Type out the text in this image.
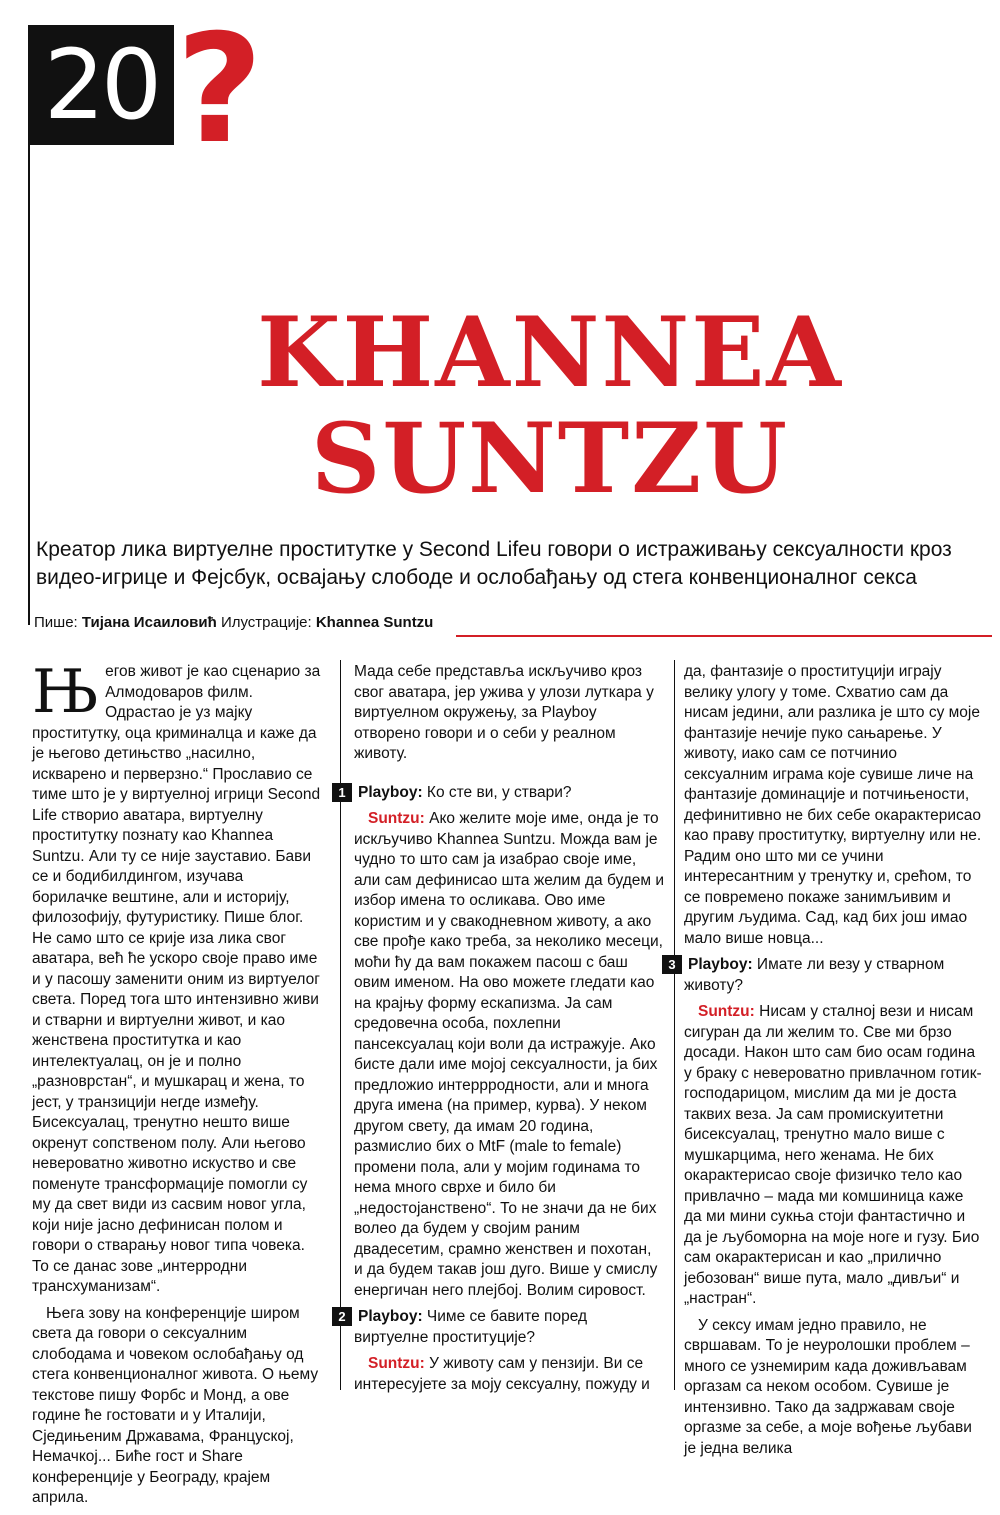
20 ?
KHANNEA
SUNTZU
Креатор лика виртуелне проститутке у Second Lifeu говори о истраживању сексуалности кроз видео-игрице и Фејсбук, освајању слободе и ослобађању од стега конвенционалног секса
Пише: Тијана Исаиловић Илустрације: Khannea Suntzu

Његов живот је као сценарио за Алмодоваров филм. Одрастао је уз мајку проститутку, оца криминалца и каже да је његово детињство „насилно, искварено и перверзно.“ Прославио се тиме што је у виртуелној игрици Second Life створио аватара, виртуелну проститутку познату као Khannea Suntzu. Али ту се није зауставио. Бави се и бодибилдингом, изучава борилачке вештине, али и историју, филозофију, футуристику. Пише блог. Не само што се крије иза лика свог аватара, већ ће ускоро своје право име и у пасошу заменити оним из виртуелог света. Поред тога што интензивно живи и стварни и виртуелни живот, и као женствена проститутка и као интелектуалац, он је и полно „разноврстан“, и мушкарац и жена, то јест, у транзицији негде између. Бисексуалац, тренутно нешто више окренут сопственом полу. Али његово невероватно животно искуство и све поменуте трансформације помогли су му да свет види из сасвим новог угла, који није јасно дефинисан полом и говори о стварању новог типа човека. То се данас зове „интерродни трансхуманизам“.

Њега зову на конференције широм света да говори о сексуалним слободама и човеком ослобађању од стега конвенционалног живота. О њему текстове пишу Форбс и Монд, а ове године ће гостовати и у Италији, Сједињеним Државама, Француској, Немачкој... Биће гост и Share конференције у Београду, крајем априла.

Мада себе представља искључиво кроз свог аватара, јер ужива у улози луткара у виртуелном окружењу, за Playboy отворено говори и о себи у реалном животу.

1 Playboy: Ко сте ви, у ствари?

Suntzu: Ако желите моје име, онда је то искључиво Khannea Suntzu. Можда вам је чудно то што сам ја изабрао своје име, али сам дефинисао шта желим да будем и избор имена то осликава. Ово име користим и у свакодневном животу, а ако све прође како треба, за неколико месеци, моћи ћу да вам покажем пасош с баш овим именом. На ово можете гледати као на крајњу форму ескапизма. Ја сам средовечна особа, похлепни пансексуалац који воли да истражује. Ако бисте дали име мојој сексуалности, ја бих предложио интеррродности, али и многа друга имена (на пример, курва). У неком другом свету, да имам 20 година, размислио бих о MtF (male to female) промени пола, али у мојим годинама то нема много сврхе и било би „недостојанствено“. То не значи да не бих волео да будем у својим раним двадесетим, срамно женствен и похотан, и да будем такав још дуго. Више у смислу енергичан него плејбој. Волим сировост.

2 Playboy: Чиме се бавите поред виртуелне проституције?

Suntzu: У животу сам у пензији. Ви се интересујете за моју сексуалну, пожуду и

да, фантазије о проституцији играју велику улогу у томе. Схватио сам да нисам једини, али разлика је што су моје фантазије нечије пуко сањарење. У животу, иако сам се потчинио сексуалним играма које сувише личе на фантазије доминације и потчињености, дефинитивно не бих себе окарактерисао као праву проститутку, виртуелну или не. Радим оно што ми се учини интересантним у тренутку и, срећом, то се повремено покаже занимљивим и другим људима. Сад, кад бих још имао мало више новца...

3 Playboy: Имате ли везу у стварном животу?

Suntzu: Нисам у сталној вези и нисам сигуран да ли желим то. Све ми брзо досади. Након што сам био осам година у браку с невероватно привлачном готик-господарицом, мислим да ми је доста таквих веза. Ја сам промискуитетни бисексуалац, тренутно мало више с мушкарцима, него женама. Не бих окарактерисао своје физичко тело као привлачно – мада ми комшиница каже да ми мини сукња стоји фантастично и да је љубоморна на моје ноге и гузу. Био сам окарактерисан и као „прилично јебозован“ више пута, мало „дивљи“ и „настран“.

У сексу имам једно правило, не свршавам. То је неуролошки проблем – много се узнемирим када доживљавам оргазам са неком особом. Сувише је интензивно. Тако да задржавам своје оргазме за себе, а моје вођење љубави је једна велика
